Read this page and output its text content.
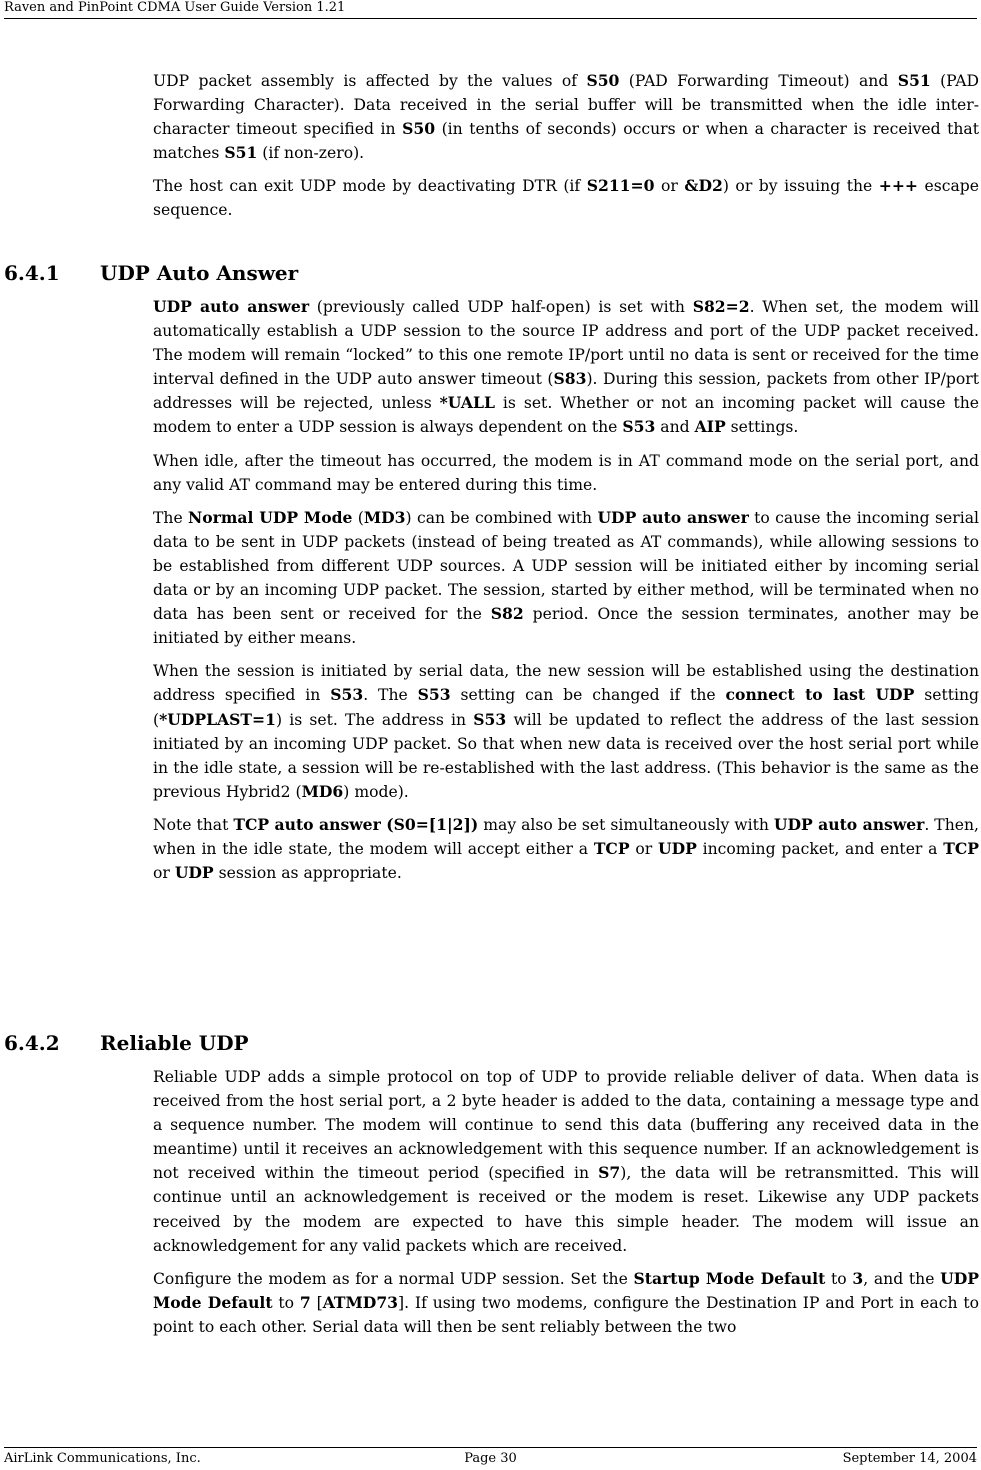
Raven and PinPoint CDMA User Guide Version 1.21

UDP packet assembly is affected by the values of S50 (PAD Forwarding Timeout) and S51 (PAD Forwarding Character). Data received in the serial buffer will be transmitted when the idle inter-character timeout specified in S50 (in tenths of seconds) occurs or when a character is received that matches S51 (if non-zero).

The host can exit UDP mode by deactivating DTR (if S211=0 or &D2) or by issuing the +++ escape sequence.

6.4.1 UDP Auto Answer

UDP auto answer (previously called UDP half-open) is set with S82=2. When set, the modem will automatically establish a UDP session to the source IP address and port of the UDP packet received. The modem will remain “locked” to this one remote IP/port until no data is sent or received for the time interval defined in the UDP auto answer timeout (S83). During this session, packets from other IP/port addresses will be rejected, unless *UALL is set. Whether or not an incoming packet will cause the modem to enter a UDP session is always dependent on the S53 and AIP settings.

When idle, after the timeout has occurred, the modem is in AT command mode on the serial port, and any valid AT command may be entered during this time.

The Normal UDP Mode (MD3) can be combined with UDP auto answer to cause the incoming serial data to be sent in UDP packets (instead of being treated as AT commands), while allowing sessions to be established from different UDP sources. A UDP session will be initiated either by incoming serial data or by an incoming UDP packet. The session, started by either method, will be terminated when no data has been sent or received for the S82 period. Once the session terminates, another may be initiated by either means.

When the session is initiated by serial data, the new session will be established using the destination address specified in S53. The S53 setting can be changed if the connect to last UDP setting (*UDPLAST=1) is set. The address in S53 will be updated to reflect the address of the last session initiated by an incoming UDP packet. So that when new data is received over the host serial port while in the idle state, a session will be re-established with the last address. (This behavior is the same as the previous Hybrid2 (MD6) mode).

Note that TCP auto answer (S0=[1|2]) may also be set simultaneously with UDP auto answer. Then, when in the idle state, the modem will accept either a TCP or UDP incoming packet, and enter a TCP or UDP session as appropriate.

6.4.2 Reliable UDP

Reliable UDP adds a simple protocol on top of UDP to provide reliable deliver of data. When data is received from the host serial port, a 2 byte header is added to the data, containing a message type and a sequence number. The modem will continue to send this data (buffering any received data in the meantime) until it receives an acknowledgement with this sequence number. If an acknowledgement is not received within the timeout period (specified in S7), the data will be retransmitted. This will continue until an acknowledgement is received or the modem is reset. Likewise any UDP packets received by the modem are expected to have this simple header. The modem will issue an acknowledgement for any valid packets which are received.

Configure the modem as for a normal UDP session. Set the Startup Mode Default to 3, and the UDP Mode Default to 7 [ATMD73]. If using two modems, configure the Destination IP and Port in each to point to each other. Serial data will then be sent reliably between the two

AirLink Communications, Inc.	Page 30	September 14, 2004
